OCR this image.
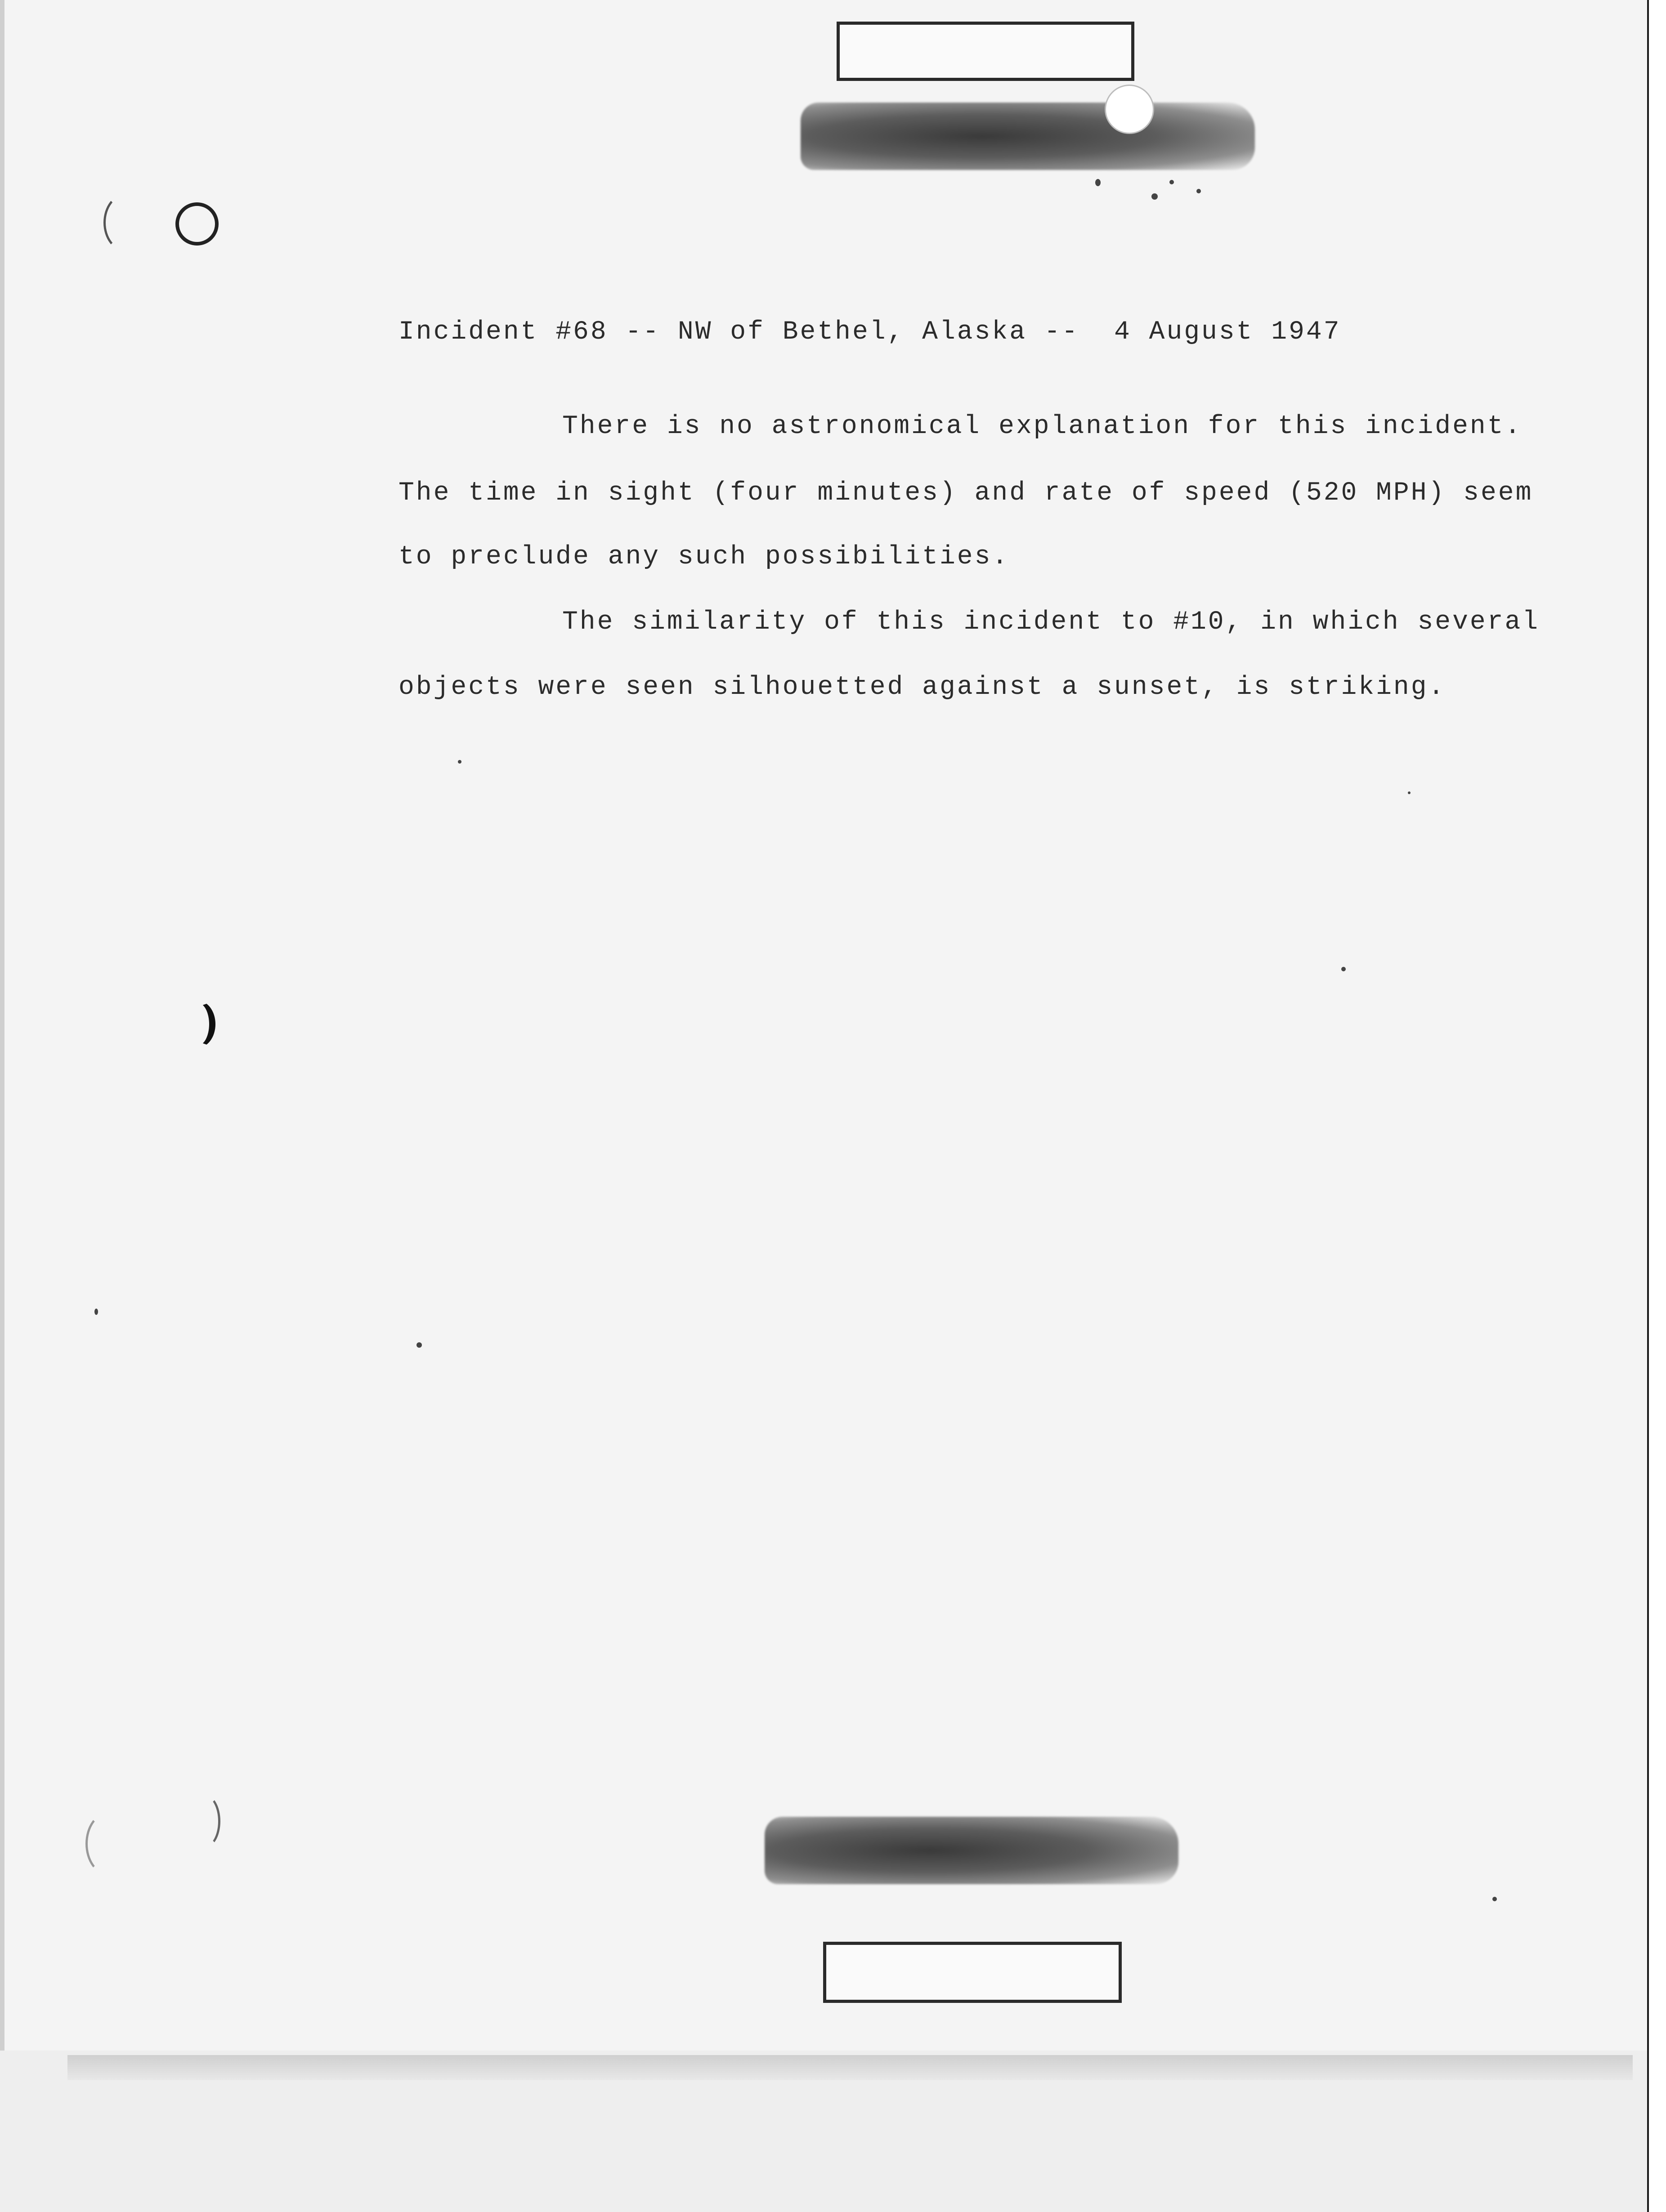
Incident #68 -- NW of Bethel, Alaska --  4 August 1947
There is no astronomical explanation for this incident.
The time in sight (four minutes) and rate of speed (520 MPH) seem
to preclude any such possibilities.
The similarity of this incident to #10, in which several
objects were seen silhouetted against a sunset, is striking.
